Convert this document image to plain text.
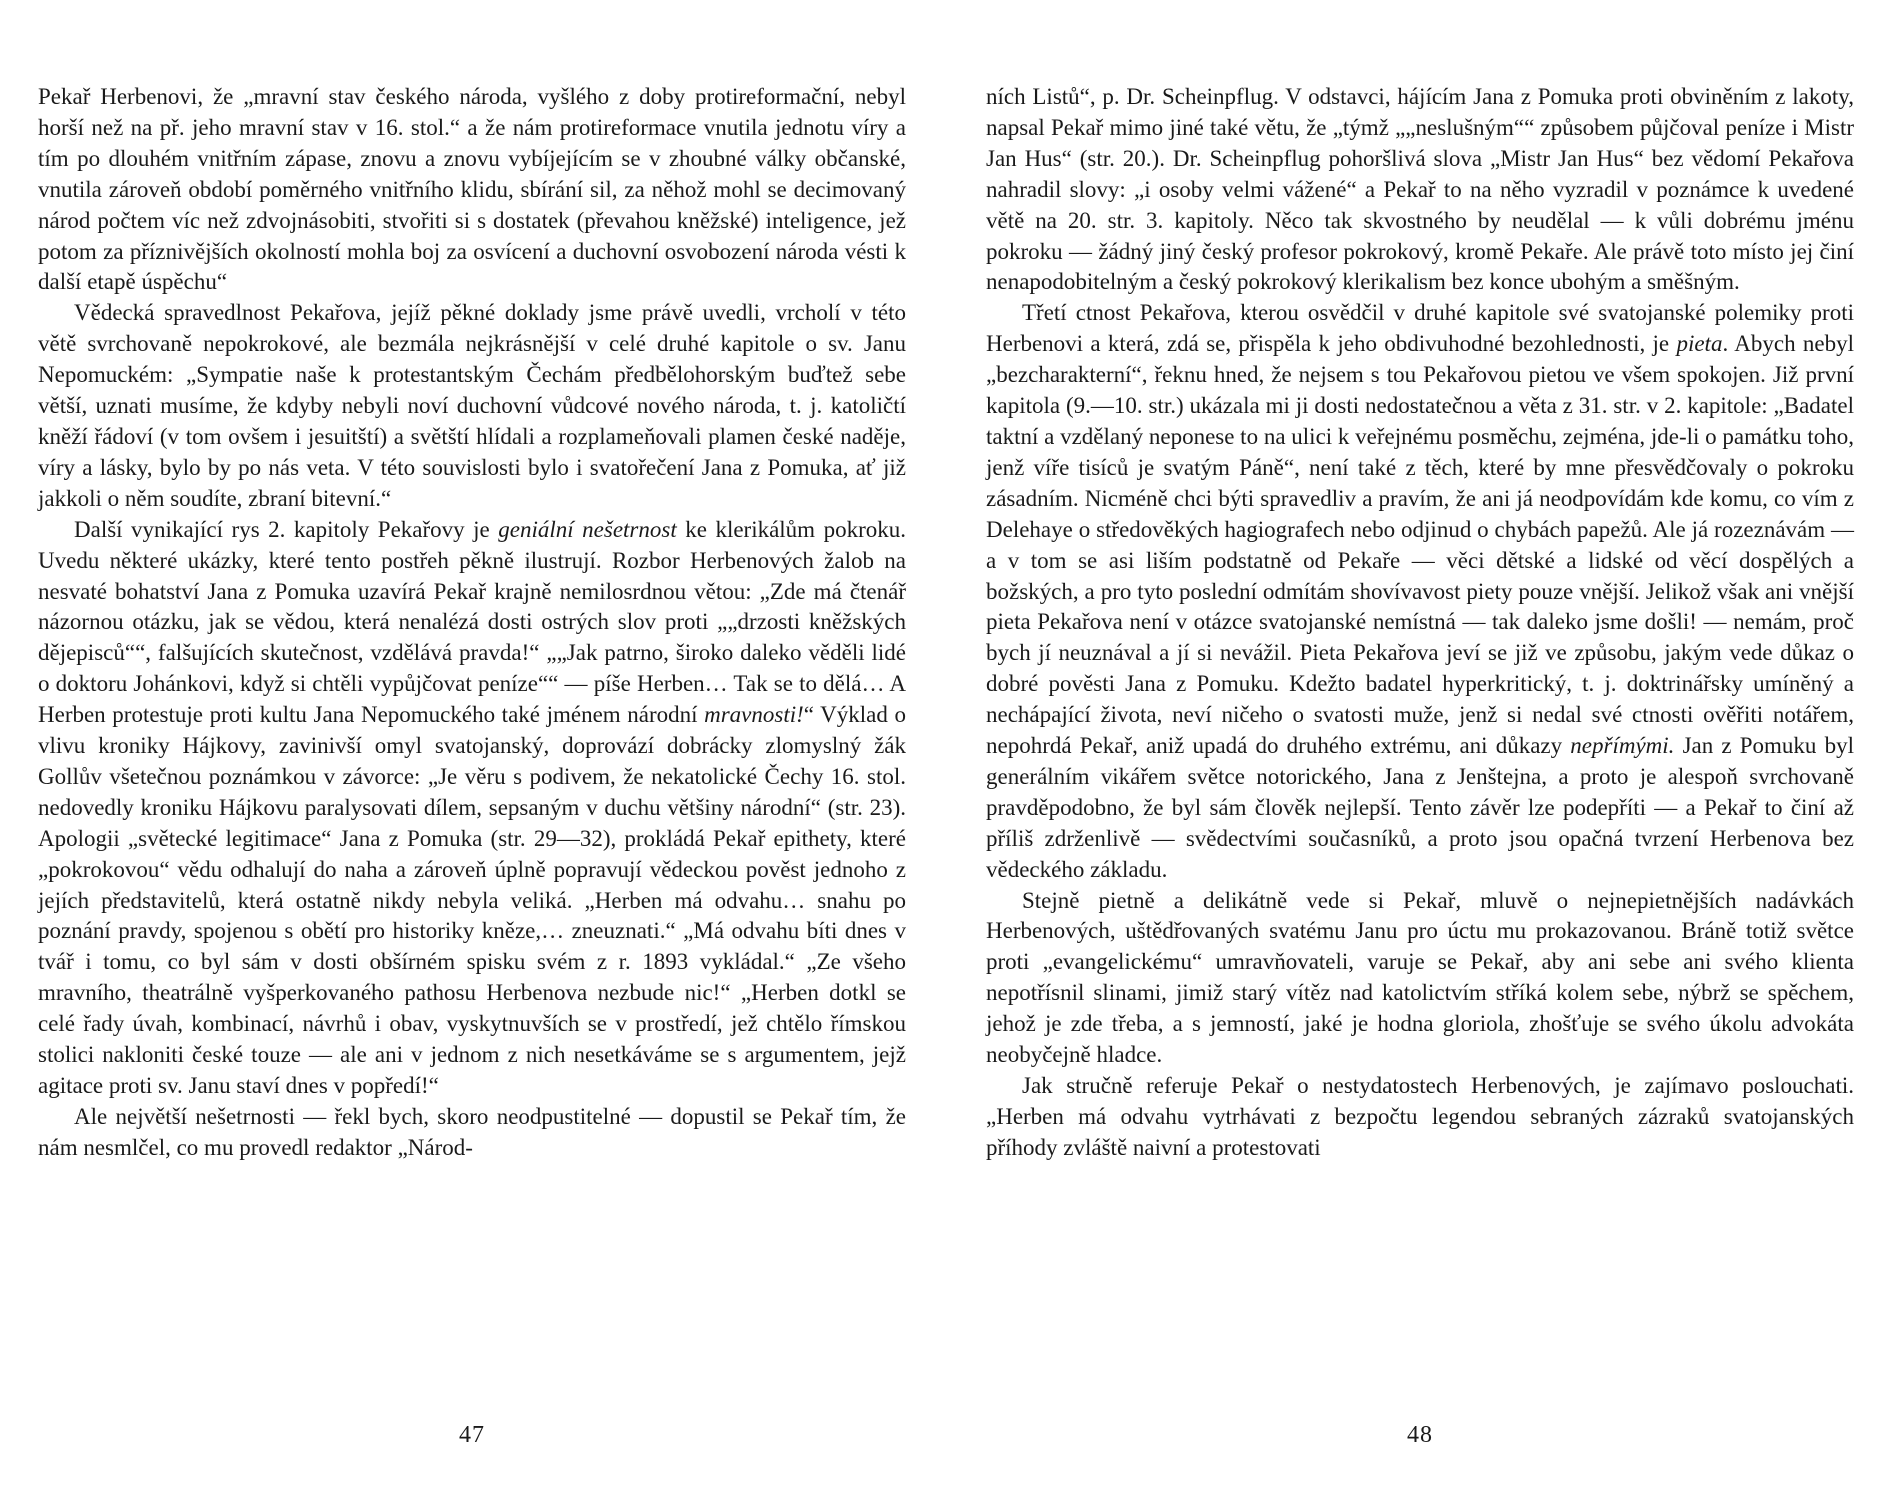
Pekař Herbenovi, že „mravní stav českého národa, vyšlého z doby protireformační, nebyl horší než na př. jeho mravní stav v 16. stol.“ a že nám protireformace vnutila jednotu víry a tím po dlouhém vnitřním zápase, znovu a znovu vybíjejícím se v zhoubné války občanské, vnutila zároveň období poměrného vnitřního klidu, sbírání sil, za něhož mohl se decimovaný národ počtem víc než zdvojnásobiti, stvořiti si s dostatek (převahou kněžské) inteligence, jež potom za příznivějších okolností mohla boj za osvícení a duchovní osvobození národa vésti k další etapě úspěchu“

Vědecká spravedlnost Pekařova, jejíž pěkné doklady jsme právě uvedli, vrcholí v této větě svrchovaně nepokrokové, ale bezmála nejkrásnější v celé druhé kapitole o sv. Janu Nepomuckém: „Sympatie naše k protestantským Čechám předbělohorským buďtež sebe větší, uznati musíme, že kdyby nebyli noví duchovní vůdcové nového národa, t. j. katoličtí kněží řádoví (v tom ovšem i jesuitští) a světští hlídali a rozplameňovali plamen české naděje, víry a lásky, bylo by po nás veta. V této souvislosti bylo i svatořečení Jana z Pomuka, ať již jakkoli o něm soudíte, zbraní bitevní.“

Další vynikající rys 2. kapitoly Pekařovy je geniální nešetrnost ke klerikálům pokroku. Uvedu některé ukázky, které tento postřeh pěkně ilustrují. Rozbor Herbenových žalob na nesvaté bohatství Jana z Pomuka uzavírá Pekař krajně nemilosrdnou větou: „Zde má čtenář názornou otázku, jak se vědou, která nenalézá dosti ostrých slov proti „„drzosti kněžských dějepisců““, falšujících skutečnost, vzdělává pravda!“ „„Jak patrno, široko daleko věděli lidé o doktoru Johánkovi, když si chtěli vypůjčovat peníze““ — píše Herben… Tak se to dělá… A Herben protestuje proti kultu Jana Nepomuckého také jménem národní mravnosti!“ Výklad o vlivu kroniky Hájkovy, zavinivší omyl svatojanský, doprovází dobrácky zlomyslný žák Gollův všetečnou poznámkou v závorce: „Je věru s podivem, že nekatolické Čechy 16. stol. nedovedly kroniku Hájkovu paralysovati dílem, sepsaným v duchu většiny národní“ (str. 23). Apologii „světecké legitimace“ Jana z Pomuka (str. 29—32), prokládá Pekař epithety, které „pokrokovou“ vědu odhalují do naha a zároveň úplně popravují vědeckou pověst jednoho z jejích představitelů, která ostatně nikdy nebyla veliká. „Herben má odvahu… snahu po poznání pravdy, spojenou s obětí pro historiky kněze,… zneuznati.“ „Má odvahu bíti dnes v tvář i tomu, co byl sám v dosti obšírném spisku svém z r. 1893 vykládal.“ „Ze všeho mravního, theatrálně vyšperkovaného pathosu Herbenova nezbude nic!“ „Herben dotkl se celé řady úvah, kombinací, návrhů i obav, vyskytnuvších se v prostředí, jež chtělo římskou stolici nakloniti české touze — ale ani v jednom z nich nesetkáváme se s argumentem, jejž agitace proti sv. Janu staví dnes v popředí!“

Ale největší nešetrnosti — řekl bych, skoro neodpustitelné — dopustil se Pekař tím, že nám nesmlčel, co mu provedl redaktor „Národ-

47

ních Listů“, p. Dr. Scheinpflug. V odstavci, hájícím Jana z Pomuka proti obviněním z lakoty, napsal Pekař mimo jiné také větu, že „týmž „„neslušným““ způsobem půjčoval peníze i Mistr Jan Hus“ (str. 20.). Dr. Scheinpflug pohoršlivá slova „Mistr Jan Hus“ bez vědomí Pekařova nahradil slovy: „i osoby velmi vážené“ a Pekař to na něho vyzradil v poznámce k uvedené větě na 20. str. 3. kapitoly. Něco tak skvostného by neudělal — k vůli dobrému jménu pokroku — žádný jiný český profesor pokrokový, kromě Pekaře. Ale právě toto místo jej činí nenapodobitelným a český pokrokový klerikalism bez konce ubohým a směšným.

Třetí ctnost Pekařova, kterou osvědčil v druhé kapitole své svatojanské polemiky proti Herbenovi a která, zdá se, přispěla k jeho obdivuhodné bezohlednosti, je pieta. Abych nebyl „bezcharakterní“, řeknu hned, že nejsem s tou Pekařovou pietou ve všem spokojen. Již první kapitola (9.—10. str.) ukázala mi ji dosti nedostatečnou a věta z 31. str. v 2. kapitole: „Badatel taktní a vzdělaný neponese to na ulici k veřejnému posměchu, zejména, jde-li o památku toho, jenž víře tisíců je svatým Páně“, není také z těch, které by mne přesvědčovaly o pokroku zásadním. Nicméně chci býti spravedliv a pravím, že ani já neodpovídám kde komu, co vím z Delehaye o středověkých hagiografech nebo odjinud o chybách papežů. Ale já rozeznávám — a v tom se asi liším podstatně od Pekaře — věci dětské a lidské od věcí dospělých a božských, a pro tyto poslední odmítám shovívavost piety pouze vnější. Jelikož však ani vnější pieta Pekařova není v otázce svatojanské nemístná — tak daleko jsme došli! — nemám, proč bych jí neuznával a jí si nevážil. Pieta Pekařova jeví se již ve způsobu, jakým vede důkaz o dobré pověsti Jana z Pomuku. Kdežto badatel hyperkritický, t. j. doktrinářsky umíněný a nechápající života, neví ničeho o svatosti muže, jenž si nedal své ctnosti ověřiti notářem, nepohrdá Pekař, aniž upadá do druhého extrému, ani důkazy nepřímými. Jan z Pomuku byl generálním vikářem světce notorického, Jana z Jenštejna, a proto je alespoň svrchovaně pravděpodobno, že byl sám člověk nejlepší. Tento závěr lze podepříti — a Pekař to činí až příliš zdrženlivě — svědectvími současníků, a proto jsou opačná tvrzení Herbenova bez vědeckého základu.

Stejně pietně a delikátně vede si Pekař, mluvě o nejnepietnějších nadávkách Herbenových, uštědřovaných svatému Janu pro úctu mu prokazovanou. Bráně totiž světce proti „evangelickému“ umravňovateli, varuje se Pekař, aby ani sebe ani svého klienta nepotřísnil slinami, jimiž starý vítěz nad katolictvím stříká kolem sebe, nýbrž se spěchem, jehož je zde třeba, a s jemností, jaké je hodna gloriola, zhošťuje se svého úkolu advokáta neobyčejně hladce.

Jak stručně referuje Pekař o nestydatostech Herbenových, je zajímavo poslouchati. „Herben má odvahu vytrhávati z bezpočtu legendou sebraných zázraků svatojanských příhody zvláště naivní a protestovati

48
